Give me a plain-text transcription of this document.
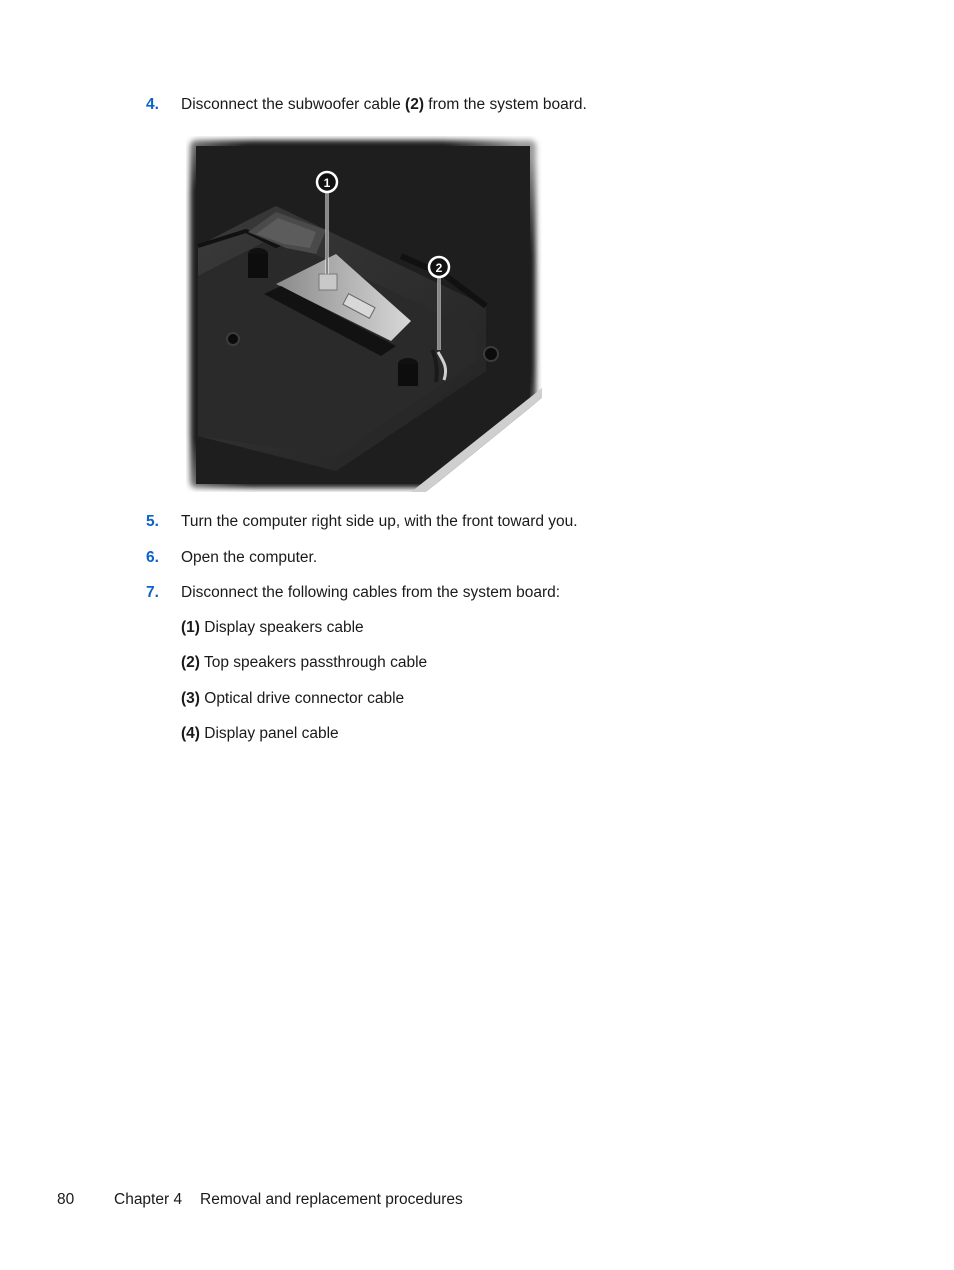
4. Disconnect the subwoofer cable (2) from the system board.
1
2
5. Turn the computer right side up, with the front toward you.
6. Open the computer.
7. Disconnect the following cables from the system board:
(1) Display speakers cable
(2) Top speakers passthrough cable
(3) Optical drive connector cable
(4) Display panel cable
80	Chapter 4 Removal and replacement procedures
